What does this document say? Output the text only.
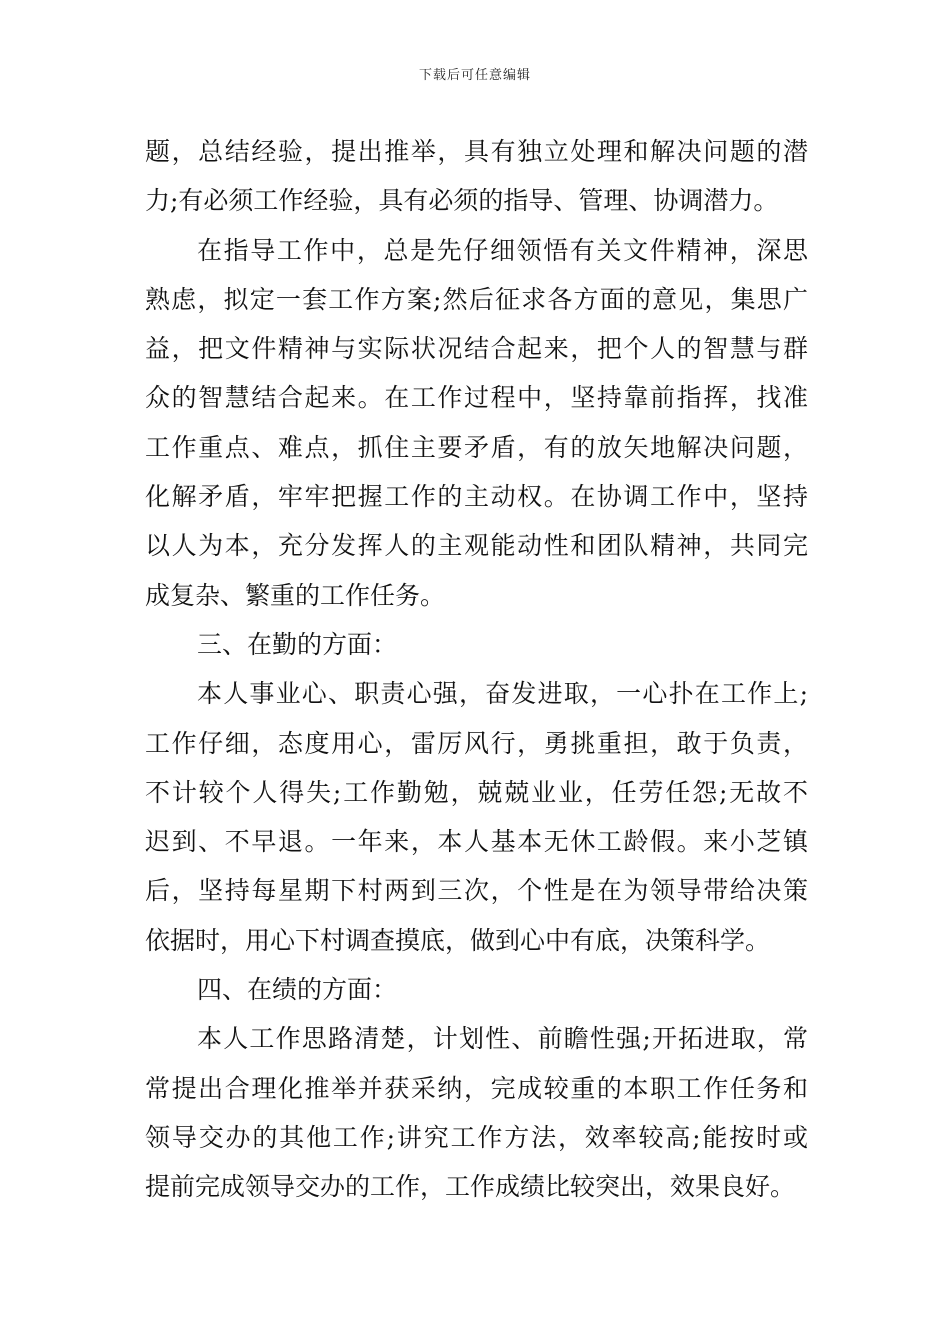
下载后可任意编辑
题，总结经验，提出推举，具有独立处理和解决问题的潜
力;有必须工作经验，具有必须的指导、管理、协调潜力。
在指导工作中，总是先仔细领悟有关文件精神，深思
熟虑，拟定一套工作方案;然后征求各方面的意见，集思广
益，把文件精神与实际状况结合起来，把个人的智慧与群
众的智慧结合起来。在工作过程中，坚持靠前指挥，找准
工作重点、难点，抓住主要矛盾，有的放矢地解决问题，
化解矛盾，牢牢把握工作的主动权。在协调工作中，坚持
以人为本，充分发挥人的主观能动性和团队精神，共同完
成复杂、繁重的工作任务。
三、在勤的方面：
本人事业心、职责心强，奋发进取，一心扑在工作上;
工作仔细，态度用心，雷厉风行，勇挑重担，敢于负责，
不计较个人得失;工作勤勉，兢兢业业，任劳任怨;无故不
迟到、不早退。一年来，本人基本无休工龄假。来小芝镇
后，坚持每星期下村两到三次，个性是在为领导带给决策
依据时，用心下村调查摸底，做到心中有底，决策科学。
四、在绩的方面：
本人工作思路清楚，计划性、前瞻性强;开拓进取，常
常提出合理化推举并获采纳，完成较重的本职工作任务和
领导交办的其他工作;讲究工作方法，效率较高;能按时或
提前完成领导交办的工作，工作成绩比较突出，效果良好。
